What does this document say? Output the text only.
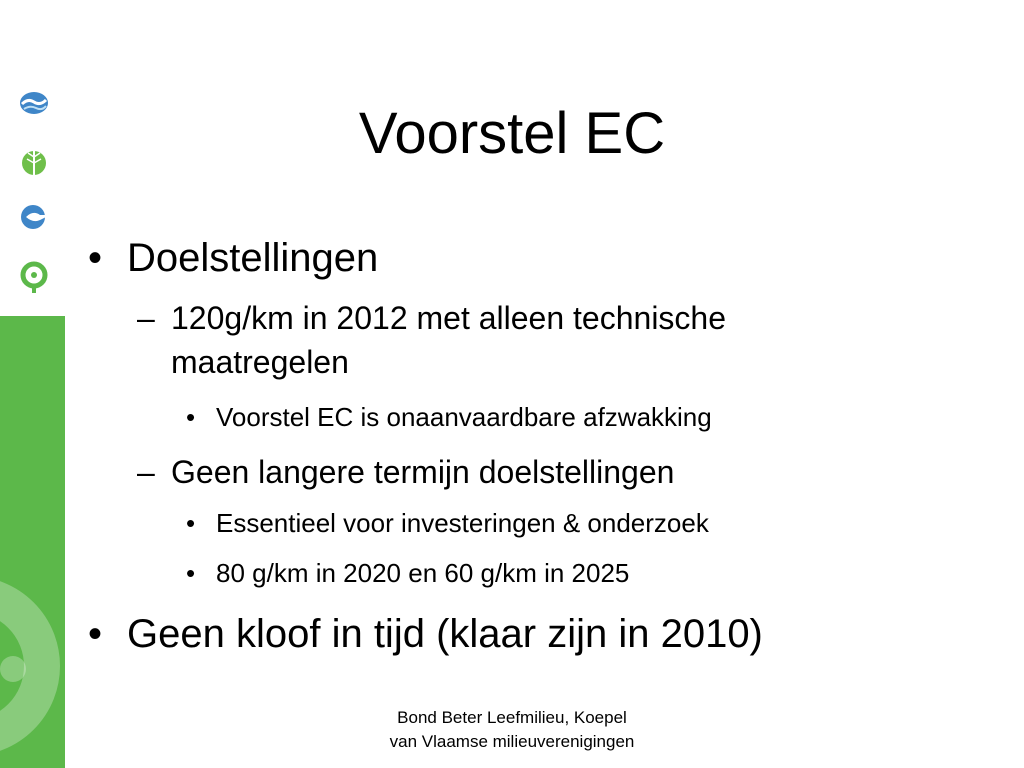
Voorstel EC
• Doelstellingen
– 120g/km in 2012 met alleen technische maatregelen
• Voorstel EC is onaanvaardbare afzwakking
– Geen langere termijn doelstellingen
• Essentieel voor investeringen & onderzoek
• 80 g/km in 2020 en 60 g/km in 2025
• Geen kloof in tijd (klaar zijn in 2010)
Bond Beter Leefmilieu, Koepel
van Vlaamse milieuverenigingen
